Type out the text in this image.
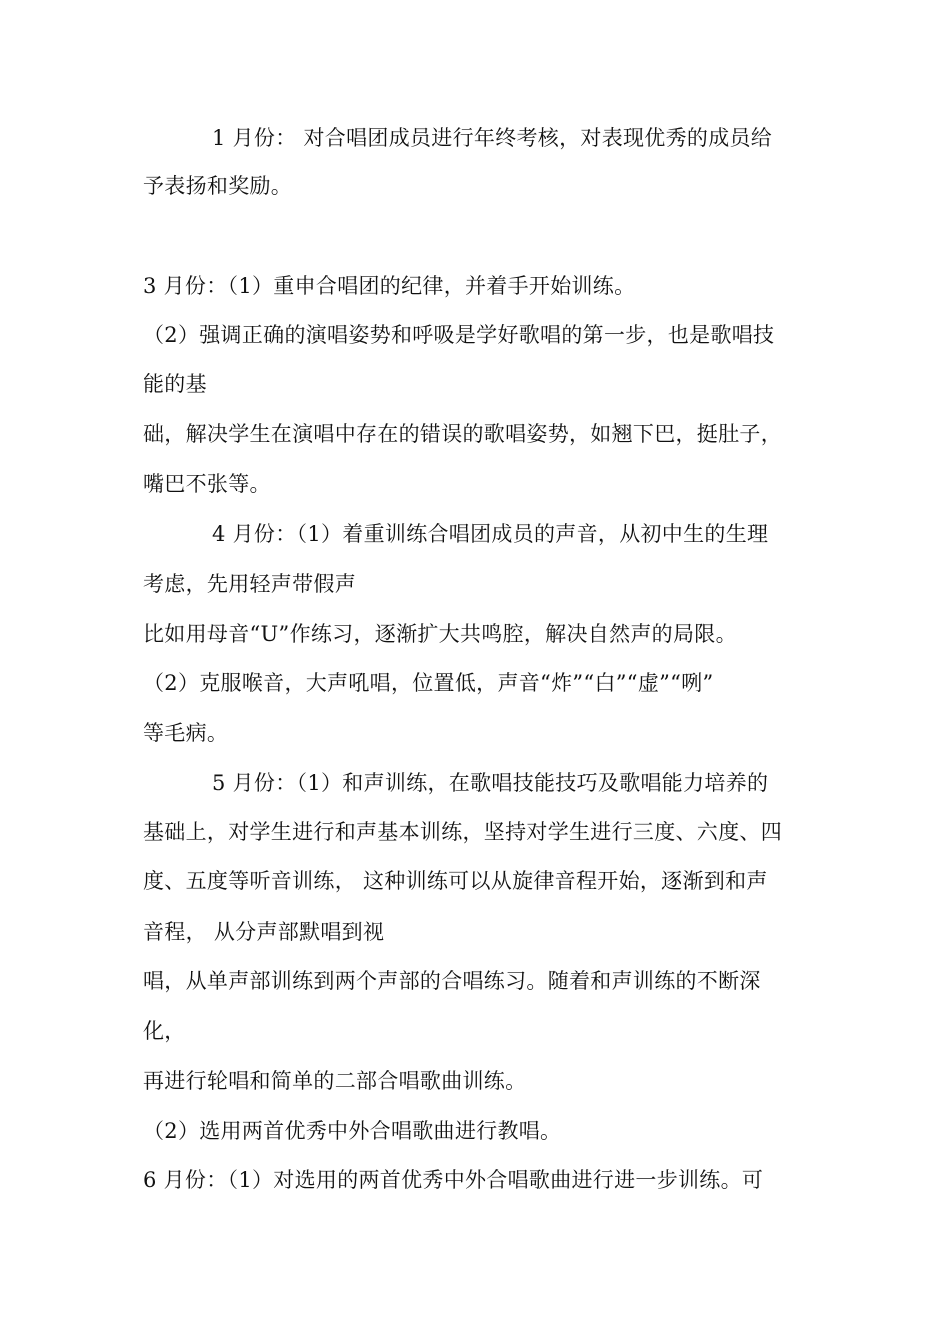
1 月份： 对合唱团成员进行年终考核，对表现优秀的成员给
予表扬和奖励。
3 月份：（1）重申合唱团的纪律，并着手开始训练。
（2）强调正确的演唱姿势和呼吸是学好歌唱的第一步，也是歌唱技
能的基
础，解决学生在演唱中存在的错误的歌唱姿势，如翘下巴，挺肚子，
嘴巴不张等。
4 月份：（1）着重训练合唱团成员的声音，从初中生的生理
考虑，先用轻声带假声
比如用母音“U”作练习，逐渐扩大共鸣腔，解决自然声的局限。
（2）克服喉音，大声吼唱，位置低，声音“炸”“白”“虚”“咧”
等毛病。
5 月份：（1）和声训练，在歌唱技能技巧及歌唱能力培养的
基础上，对学生进行和声基本训练，坚持对学生进行三度、六度、四
度、五度等听音训练， 这种训练可以从旋律音程开始，逐渐到和声
音程， 从分声部默唱到视
唱，从单声部训练到两个声部的合唱练习。随着和声训练的不断深
化，
再进行轮唱和简单的二部合唱歌曲训练。
（2）选用两首优秀中外合唱歌曲进行教唱。
6 月份：（1）对选用的两首优秀中外合唱歌曲进行进一步训练。可
